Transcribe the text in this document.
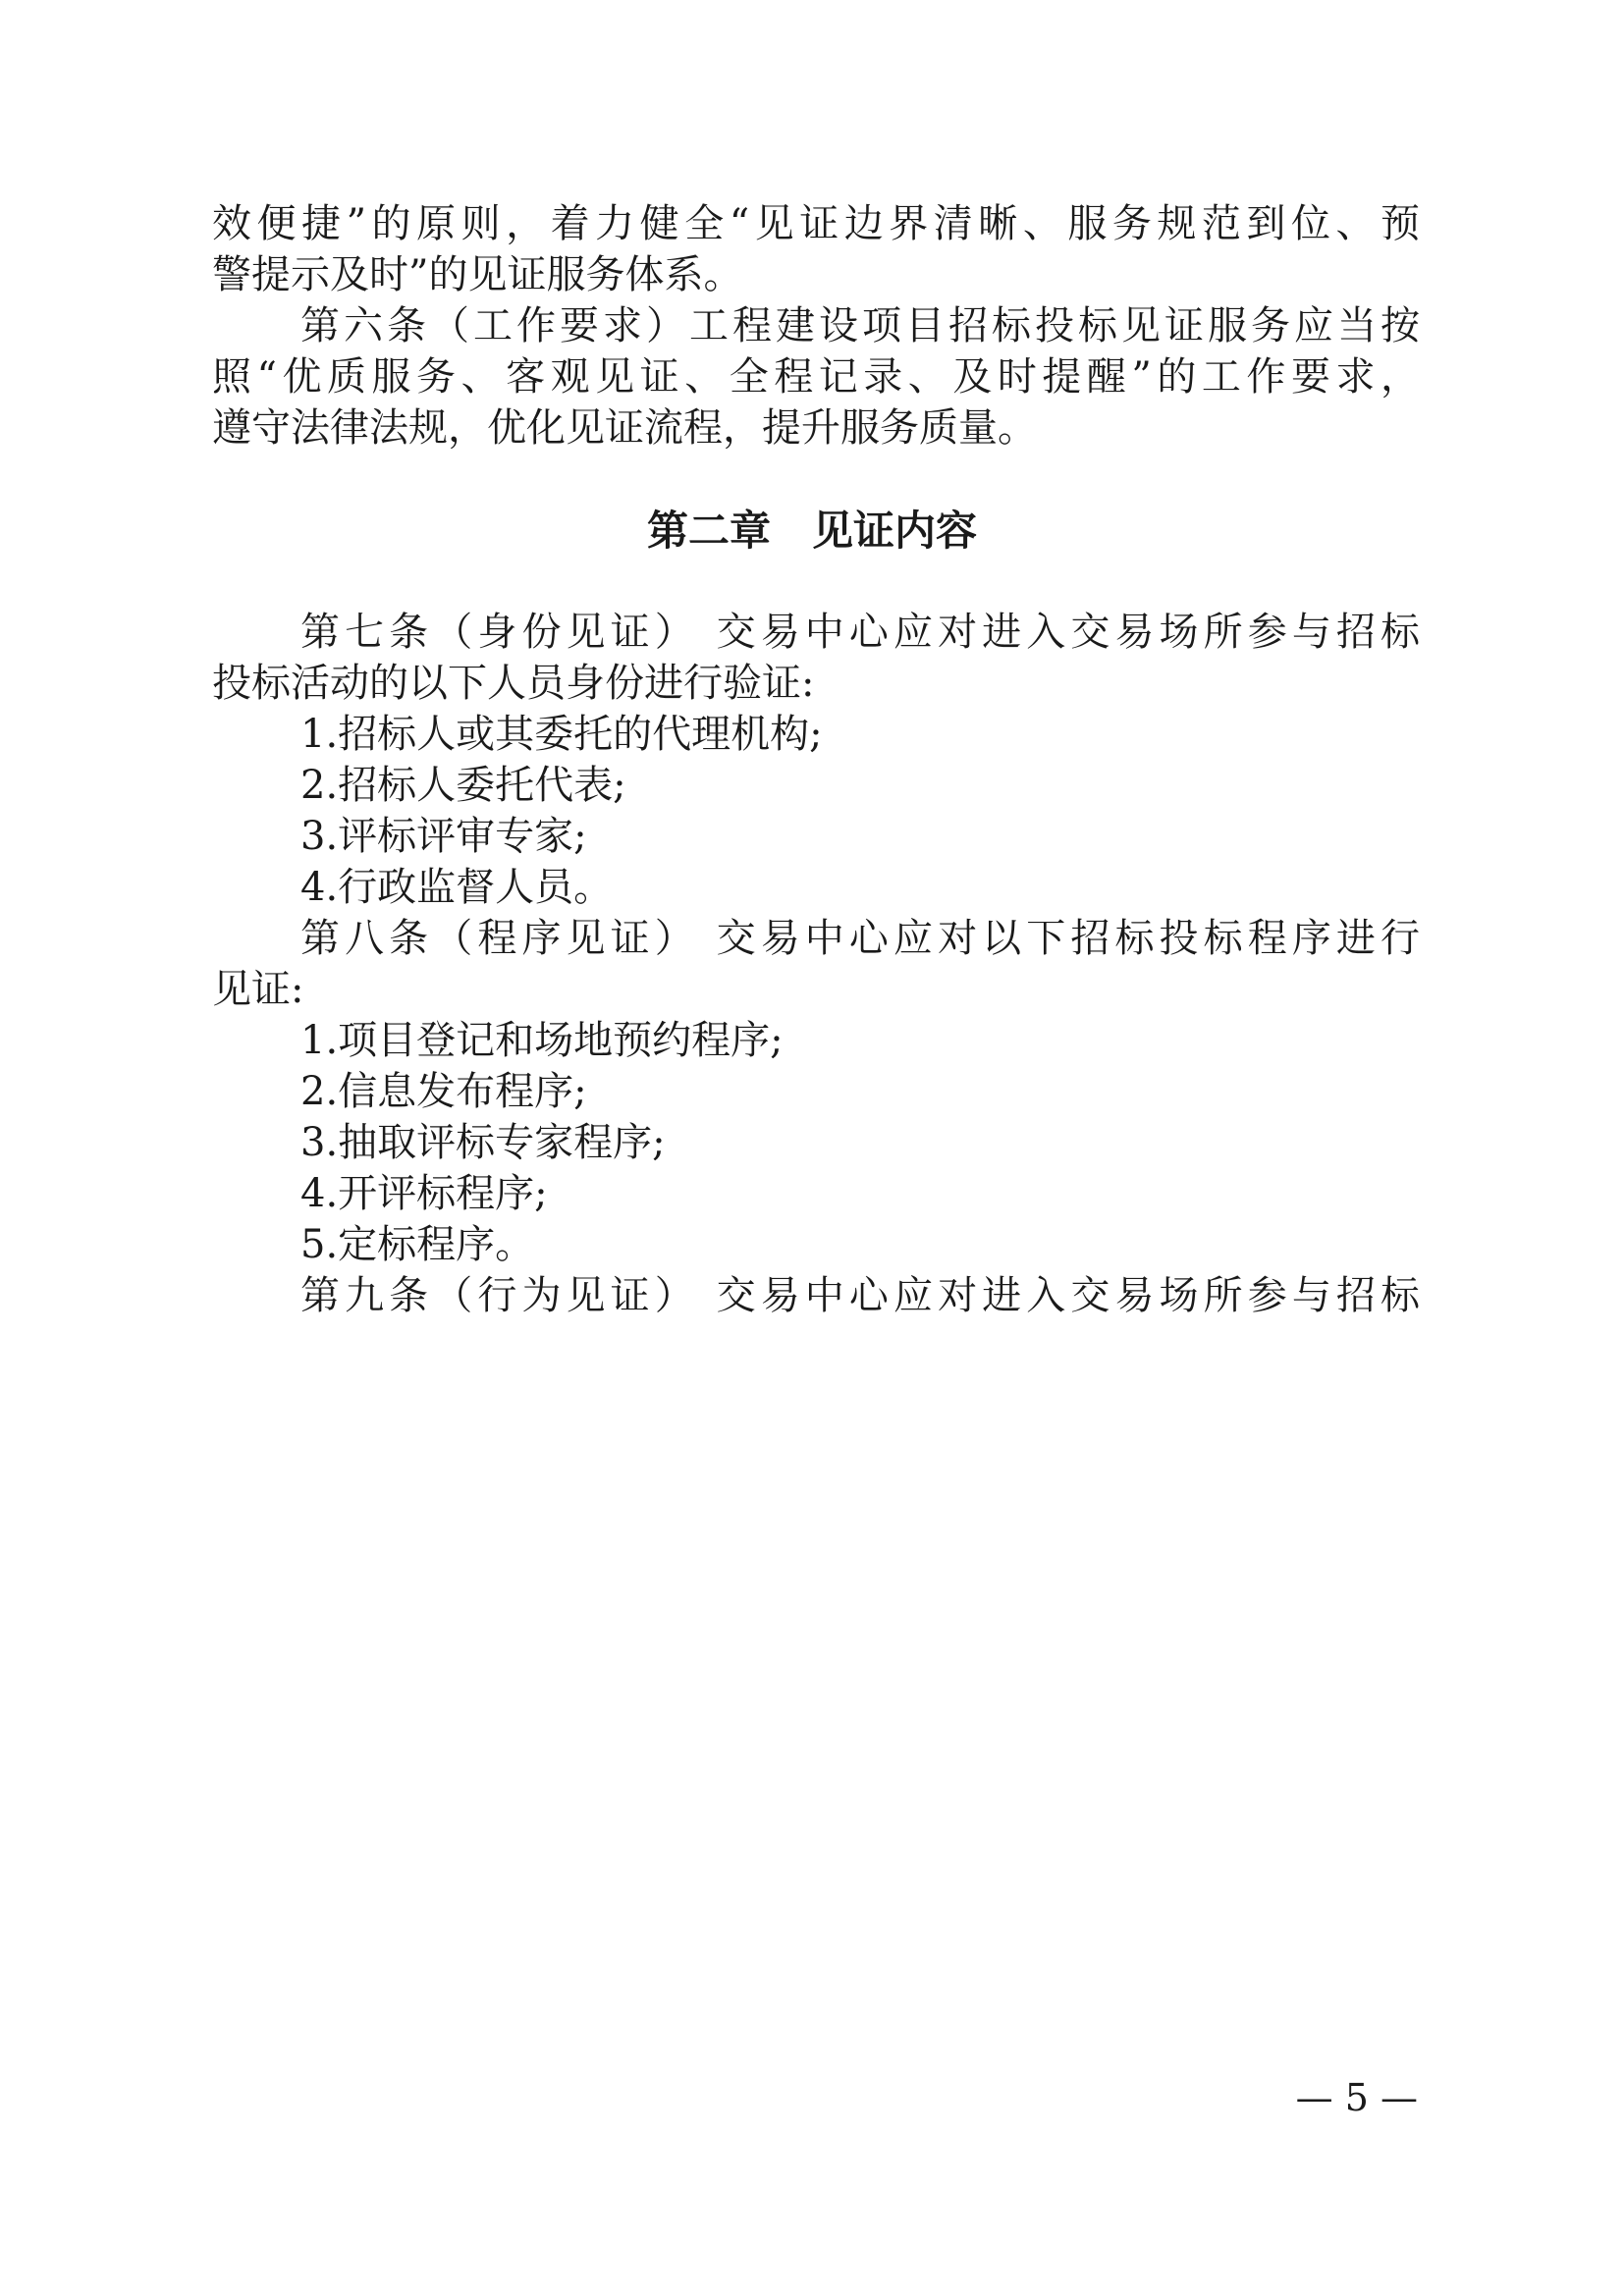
效便捷”的原则，着力健全“见证边界清晰、服务规范到位、预
警提示及时”的见证服务体系。
第六条（工作要求）工程建设项目招标投标见证服务应当按
照“优质服务、客观见证、全程记录、及时提醒”的工作要求，
遵守法律法规，优化见证流程，提升服务质量。
第二章　见证内容
第七条（身份见证） 交易中心应对进入交易场所参与招标
投标活动的以下人员身份进行验证:
1.招标人或其委托的代理机构;
2.招标人委托代表;
3.评标评审专家;
4.行政监督人员。
第八条（程序见证） 交易中心应对以下招标投标程序进行
见证:
1.项目登记和场地预约程序;
2.信息发布程序;
3.抽取评标专家程序;
4.开评标程序;
5.定标程序。
第九条（行为见证） 交易中心应对进入交易场所参与招标
— 5 —
